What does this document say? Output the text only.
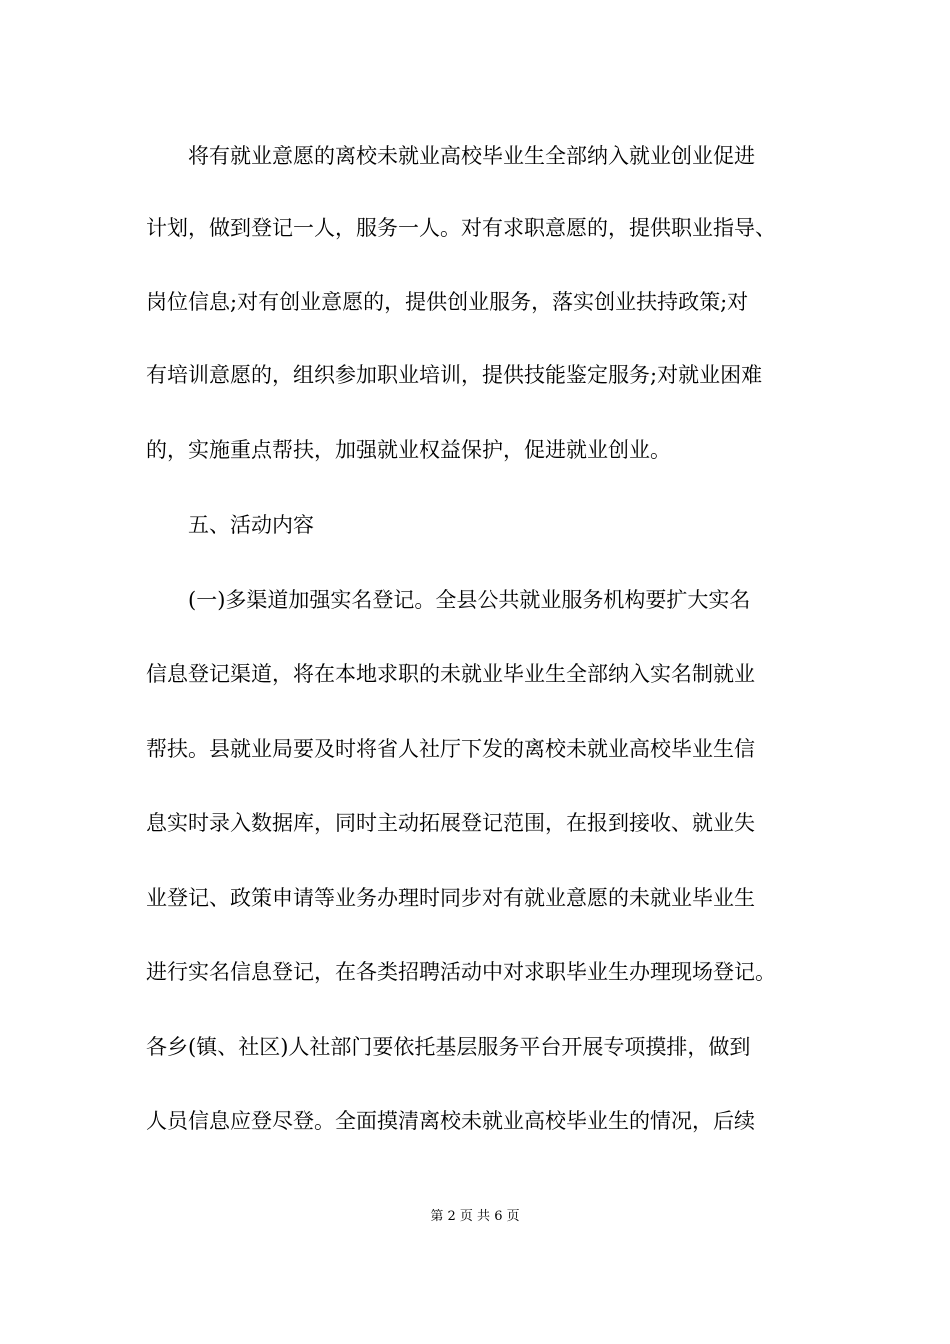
　　将有就业意愿的离校未就业高校毕业生全部纳入就业创业促进
计划，做到登记一人，服务一人。对有求职意愿的，提供职业指导、
岗位信息;对有创业意愿的，提供创业服务，落实创业扶持政策;对
有培训意愿的，组织参加职业培训，提供技能鉴定服务;对就业困难
的，实施重点帮扶，加强就业权益保护，促进就业创业。
　　五、活动内容
　　(一)多渠道加强实名登记。全县公共就业服务机构要扩大实名
信息登记渠道，将在本地求职的未就业毕业生全部纳入实名制就业
帮扶。县就业局要及时将省人社厅下发的离校未就业高校毕业生信
息实时录入数据库，同时主动拓展登记范围，在报到接收、就业失
业登记、政策申请等业务办理时同步对有就业意愿的未就业毕业生
进行实名信息登记，在各类招聘活动中对求职毕业生办理现场登记。
各乡(镇、社区)人社部门要依托基层服务平台开展专项摸排，做到
人员信息应登尽登。全面摸清离校未就业高校毕业生的情况，后续
第 2 页 共 6 页
